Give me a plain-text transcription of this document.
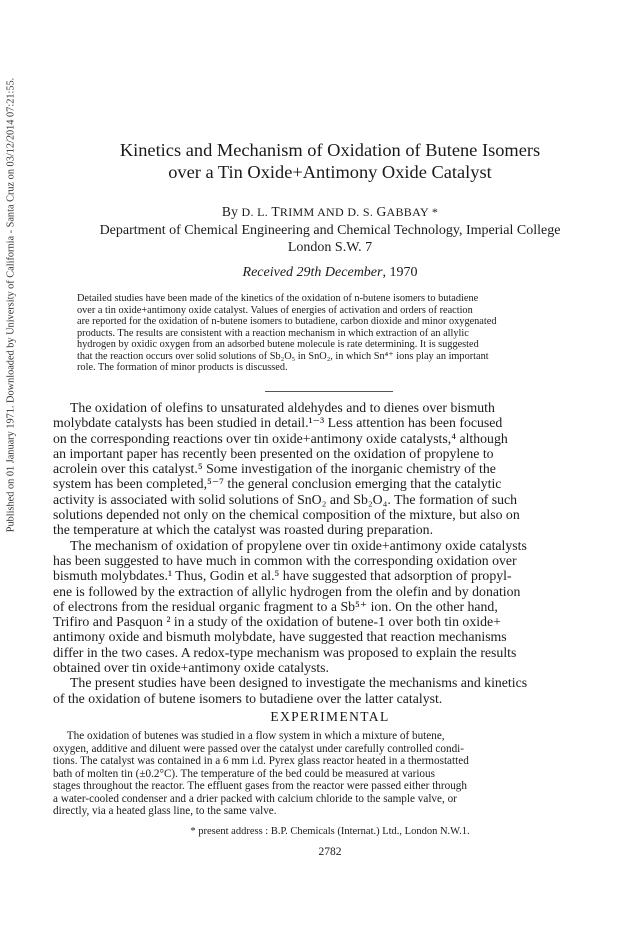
Published on 01 January 1971. Downloaded by University of California - Santa Cruz on 03/12/2014 07:21:55.	Kinetics and Mechanism of Oxidation of Butene Isomers
over a Tin Oxide+Antimony Oxide Catalyst
By D. L. TRIMM AND D. S. GABBAY *
Department of Chemical Engineering and Chemical Technology, Imperial College
London S.W. 7
Received 29th December, 1970
Detailed studies have been made of the kinetics of the oxidation of n-butene isomers to butadiene
over a tin oxide+antimony oxide catalyst. Values of energies of activation and orders of reaction
are reported for the oxidation of n-butene isomers to butadiene, carbon dioxide and minor oxygenated
products. The results are consistent with a reaction mechanism in which extraction of an allylic
hydrogen by oxidic oxygen from an adsorbed butene molecule is rate determining. It is suggested
that the reaction occurs over solid solutions of Sb₂O₅ in SnO₂, in which Sn⁴⁺ ions play an important
role. The formation of minor products is discussed.
The oxidation of olefins to unsaturated aldehydes and to dienes over bismuth
molybdate catalysts has been studied in detail.¹⁻³ Less attention has been focused
on the corresponding reactions over tin oxide+antimony oxide catalysts,⁴ although
an important paper has recently been presented on the oxidation of propylene to
acrolein over this catalyst.⁵ Some investigation of the inorganic chemistry of the
system has been completed,⁵⁻⁷ the general conclusion emerging that the catalytic
activity is associated with solid solutions of SnO₂ and Sb₂O₄. The formation of such
solutions depended not only on the chemical composition of the mixture, but also on
the temperature at which the catalyst was roasted during preparation.
The mechanism of oxidation of propylene over tin oxide+antimony oxide catalysts
has been suggested to have much in common with the corresponding oxidation over
bismuth molybdates.¹ Thus, Godin et al.⁵ have suggested that adsorption of propyl-
ene is followed by the extraction of allylic hydrogen from the olefin and by donation
of electrons from the residual organic fragment to a Sb⁵⁺ ion. On the other hand,
Trifiro and Pasquon ² in a study of the oxidation of butene-1 over both tin oxide+
antimony oxide and bismuth molybdate, have suggested that reaction mechanisms
differ in the two cases. A redox-type mechanism was proposed to explain the results
obtained over tin oxide+antimony oxide catalysts.
The present studies have been designed to investigate the mechanisms and kinetics
of the oxidation of butene isomers to butadiene over the latter catalyst.
EXPERIMENTAL
The oxidation of butenes was studied in a flow system in which a mixture of butene,
oxygen, additive and diluent were passed over the catalyst under carefully controlled condi-
tions. The catalyst was contained in a 6 mm i.d. Pyrex glass reactor heated in a thermostatted
bath of molten tin (±0.2°C). The temperature of the bed could be measured at various
stages throughout the reactor. The effluent gases from the reactor were passed either through
a water-cooled condenser and a drier packed with calcium chloride to the sample valve, or
directly, via a heated glass line, to the same valve.
* present address : B.P. Chemicals (Internat.) Ltd., London N.W.1.
2782
